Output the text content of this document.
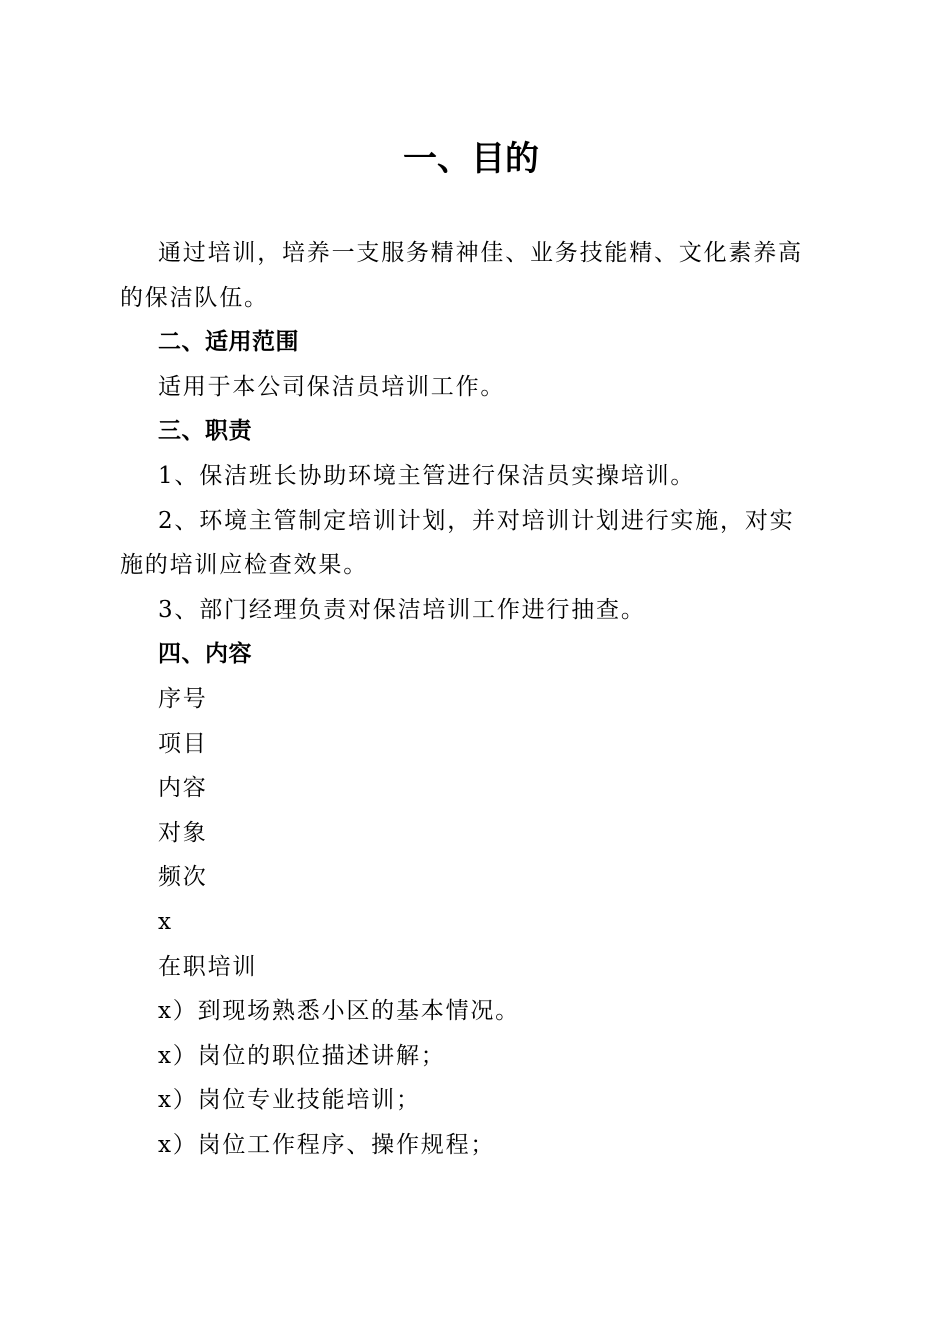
一、目的
通过培训，培养一支服务精神佳、业务技能精、文化素养高
的保洁队伍。
二、适用范围
适用于本公司保洁员培训工作。
三、职责
1、保洁班长协助环境主管进行保洁员实操培训。
2、环境主管制定培训计划，并对培训计划进行实施，对实
施的培训应检查效果。
3、部门经理负责对保洁培训工作进行抽查。
四、内容
序号
项目
内容
对象
频次
x
在职培训
x）到现场熟悉小区的基本情况。
x）岗位的职位描述讲解；
x）岗位专业技能培训；
x）岗位工作程序、操作规程；
